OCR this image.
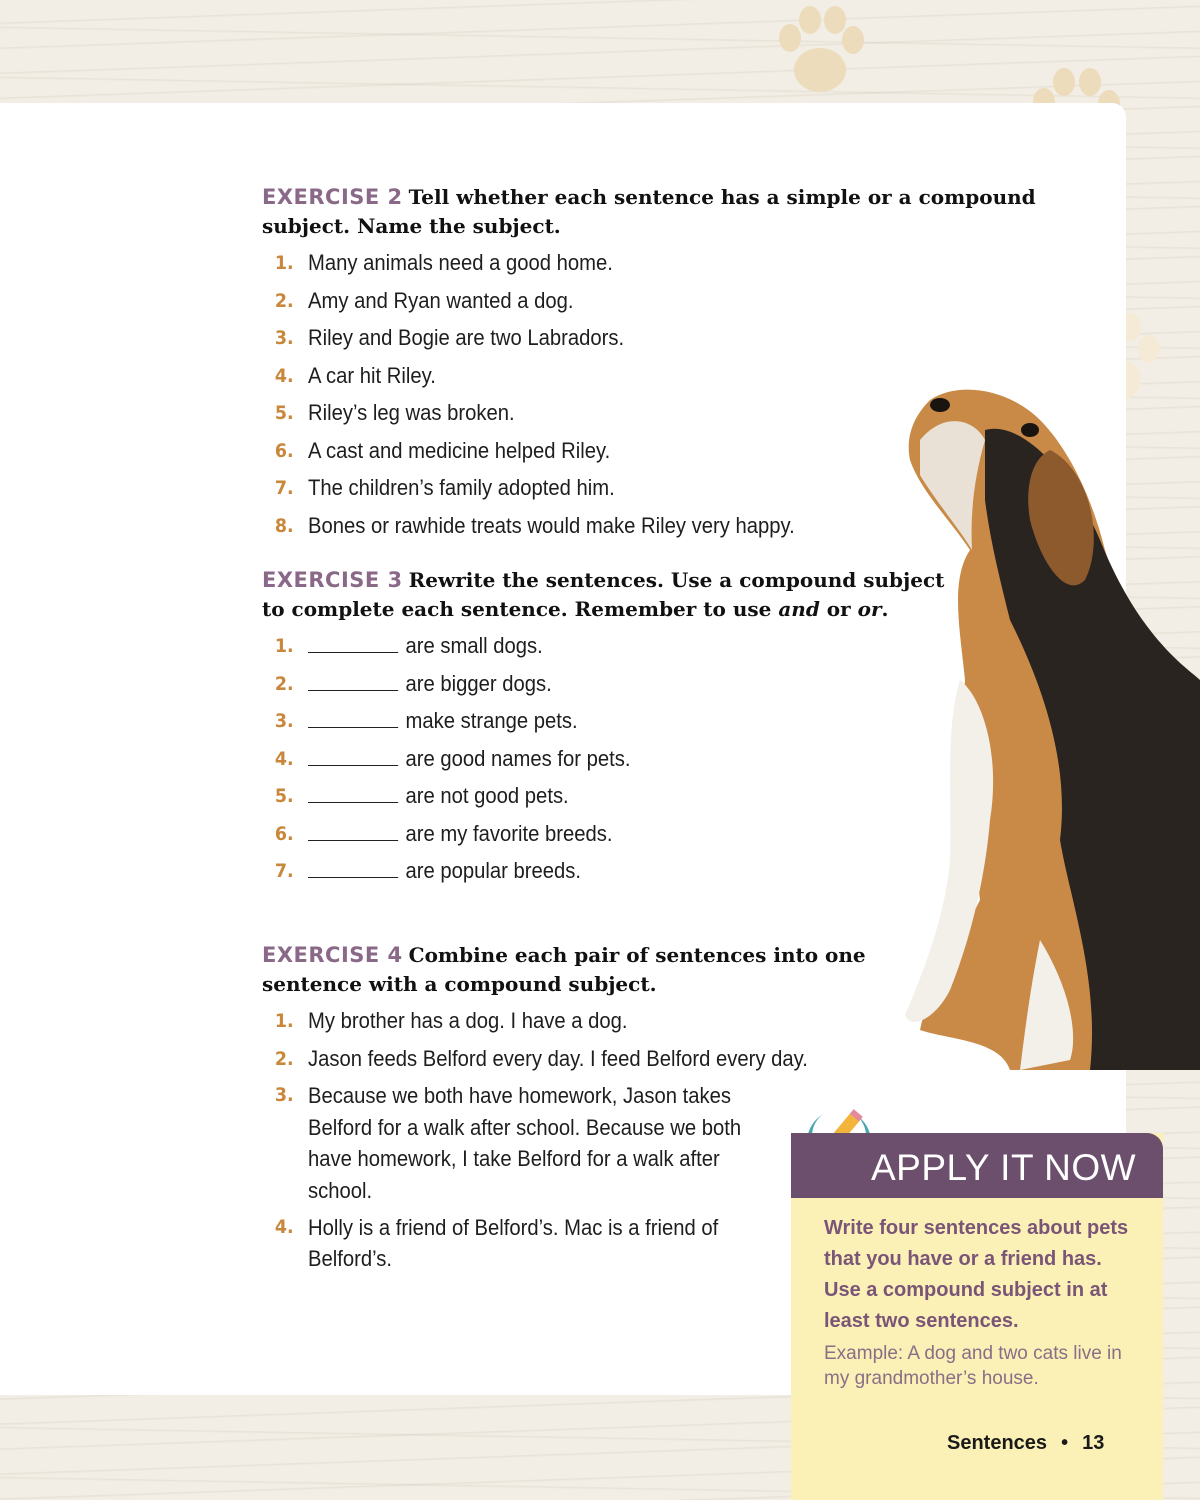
EXERCISE 2 Tell whether each sentence has a simple or a compound subject. Name the subject.

1. Many animals need a good home.
2. Amy and Ryan wanted a dog.
3. Riley and Bogie are two Labradors.
4. A car hit Riley.
5. Riley’s leg was broken.
6. A cast and medicine helped Riley.
7. The children’s family adopted him.
8. Bones or rawhide treats would make Riley very happy.

EXERCISE 3 Rewrite the sentences. Use a compound subject to complete each sentence. Remember to use and or or.

1.	are small dogs.
2.	are bigger dogs.
3.	make strange pets.
4.	are good names for pets.
5.	are not good pets.
6.	are my favorite breeds.
7.	are popular breeds.

EXERCISE 4 Combine each pair of sentences into one sentence with a compound subject.

1. My brother has a dog. I have a dog.
2. Jason feeds Belford every day. I feed Belford every day.
3. Because we both have homework, Jason takes Belford for a walk after school. Because we both have homework, I take Belford for a walk after school.
4. Holly is a friend of Belford’s. Mac is a friend of Belford’s.
APPLY IT NOW
Write four sentences about pets that you have or a friend has. Use a compound subject in at least two sentences.
Example: A dog and two cats live in my grandmother’s house.
Sentences • 13
